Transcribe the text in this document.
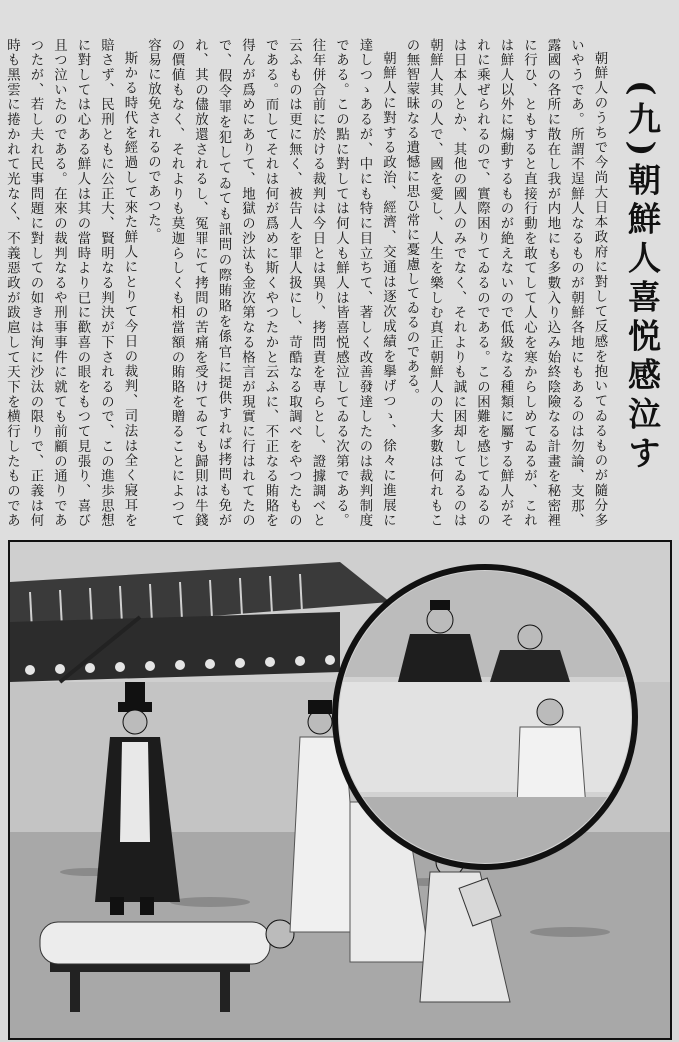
(九)朝鮮人喜悦感泣す

朝鮮人のうちで今尚大日本政府に對して反感を抱いてゐるものが隨分多いやうであ。所謂不逞鮮人なるものが朝鮮各地にもあるのは勿論、支那、露國の各所に散在し我が内地にも多數入り込み始終陰險なる計畫を秘密裡に行ひ、ともすると直接行動を敢てして人心を寒からしめてゐるが、これは鮮人以外に煽動するものが絶えないので低級なる種類に屬する鮮人がそれに乘ぜられるので、實際困りてゐるのである。この困難を感じてゐるのは日本人とか、其他の國人のみでなく、それよりも誠に困却してゐるのは朝鮮人其の人で、國を愛し、人生を樂しむ真正朝鮮人の大多數は何れもこの無智蒙昧なる遺憾に思ひ常に憂慮してゐるのである。

朝鮮人に對する政治、經濟、交通は逐次成績を擧げつゝ、徐々に進展に達しつゝあるが、中にも特に目立ちて、著しく改善發達したのは裁判制度である。この點に對しては何人も鮮人は皆喜悦感泣してゐる次第である。往年併合前に於ける裁判は今日とは異り、拷問責を専らとし、證據調べと云ふものは更に無く、被告人を罪人扱にし、苛酷なる取調べをやつたものである。而してそれは何が爲めに斯くやつたかと云ふに、不正なる賄賂を得んが爲めにありて、地獄の沙汰も金次第なる格言が現實に行はれてたので、假令罪を犯してゐても訊問の際賄賂を係官に提供すれば拷問も免がれ、其の儘放還されるし、冤罪にて拷問の苦痛を受けてゐても歸則は牛錢の價値もなく、それよりも莫迦らしくも相當額の賄賂を贈ることによつて容易に放免されるのであつた。

斯かる時代を經過して來た鮮人にとりて今日の裁判、司法は全く寢耳を賠さず、民刑ともに公正大、賢明なる判決が下されるので、この進歩思想に對しては心ある鮮人は其の當時より已に歡喜の眼をもつて見張り、喜び且つ泣いたのである。在來の裁判なるや刑事事件に就ても前顧の通りであつたが、若し夫れ民事問題に對しての如きは洵に沙汰の限りで、正義は何時も黑雲に捲かれて光なく、不義惡政が跋扈して天下を横行したものであ
